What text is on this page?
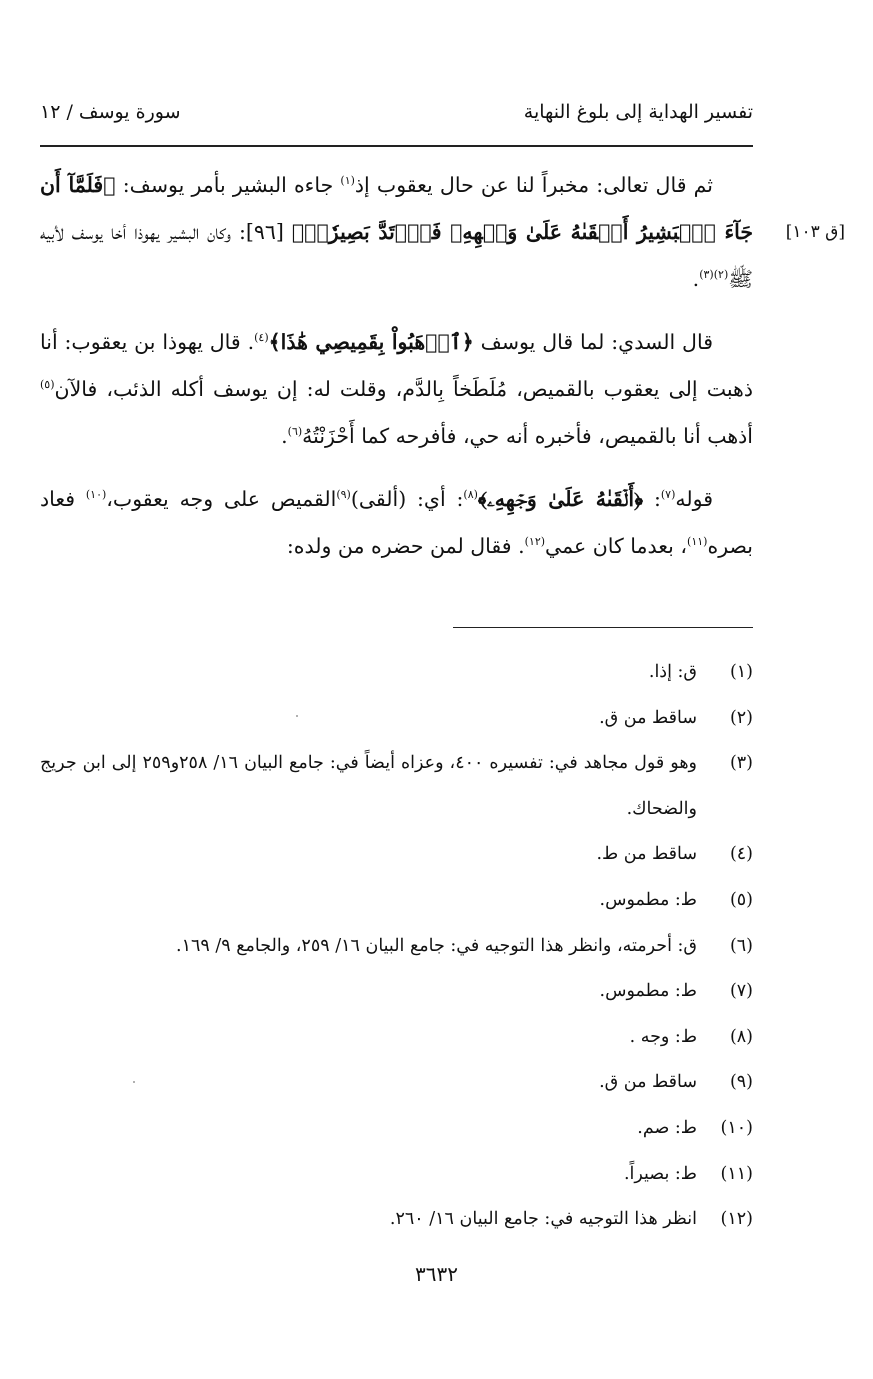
تفسير الهداية إلى بلوغ النهاية
سورة يوسف / ١٢
[ق ١٠٣]

ثم قال تعالى: مخبراً لنا عن حال يعقوب إذ$^{(١)}$ جاءه البشير بأمر يوسف: ﴿فَلَمَّآ أَن جَآءَ ٱلۡبَشِيرُ أَلۡقَىٰهُ عَلَىٰ وَجۡهِهِۦ فَٱرۡتَدَّ بَصِيرٗاۖ﴾ [٩٦]: وكان البشير يهوذا أخا يوسف لأبيه ﷺ$^{(٢)(٣)}$.

قال السدي: لما قال يوسف ﴿ٱذۡهَبُواْ بِقَمِيصِي هَٰذَا﴾$^{(٤)}$. قال يهوذا بن يعقوب: أنا ذهبت إلى يعقوب بالقميص، مُلَطَخاً بِالدَّم، وقلت له: إن يوسف أكله الذئب، فالآن$^{(٥)}$ أذهب أنا بالقميص، فأخبره أنه حي، فأفرحه كما أَحْزَنْتُهُ$^{(٦)}$.

قوله$^{(٧)}$: ﴿أَلۡقَىٰهُ عَلَىٰ وَجۡهِهِۦ﴾$^{(٨)}$: أي: (ألقى)$^{(٩)}$القميص على وجه يعقوب،$^{(١٠)}$ فعاد بصره$^{(١١)}$، بعدما كان عمي$^{(١٢)}$. فقال لمن حضره من ولده:

(١)
ق: إذا.
(٢)
ساقط من ق.
(٣)
وهو قول مجاهد في: تفسيره ٤٠٠، وعزاه أيضاً في: جامع البيان ١٦/ ٢٥٨و٢٥٩ إلى ابن جريج والضحاك.
(٤)
ساقط من ط.
(٥)
ط: مطموس.
(٦)
ق: أحرمته، وانظر هذا التوجيه في: جامع البيان ١٦/ ٢٥٩، والجامع ٩/ ١٦٩.
(٧)
ط: مطموس.
(٨)
ط: وجه .
(٩)
ساقط من ق.
(١٠)
ط: صم.
(١١)
ط: بصيراً.
(١٢)
انظر هذا التوجيه في: جامع البيان ١٦/ ٢٦٠.
٣٦٣٢
